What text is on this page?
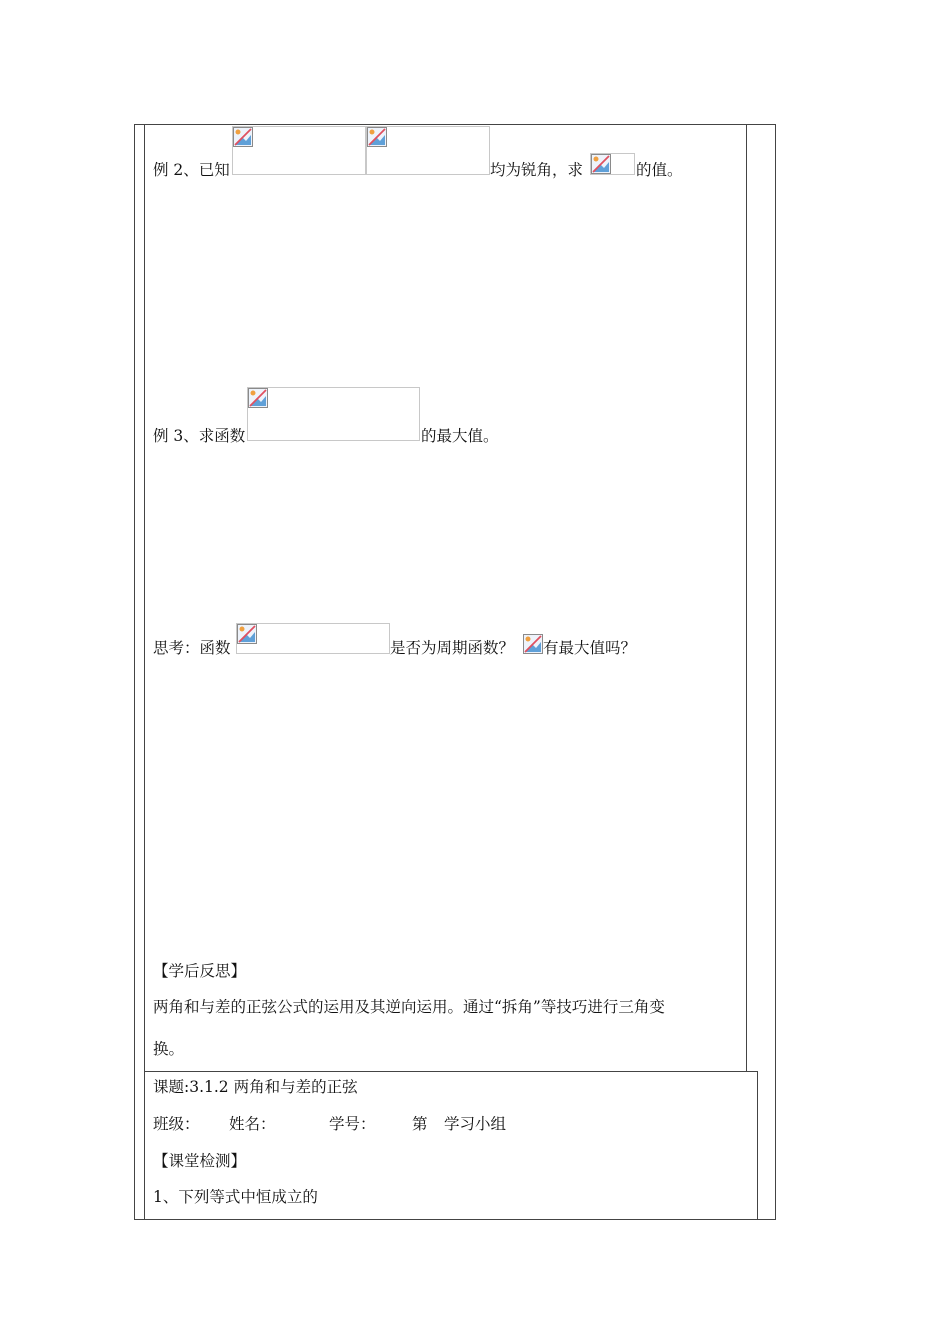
例 2、已知	均为锐角，求	的值。
例 3、求函数	的最大值。
思考：函数	是否为周期函数？ 有最大值吗？
【学后反思】
两角和与差的正弦公式的运用及其逆向运用。通过“拆角”等技巧进行三角变
换。
课题:3.1.2 两角和与差的正弦
班级： 姓名：	学号： 第 学习小组
【课堂检测】
1、下列等式中恒成立的
